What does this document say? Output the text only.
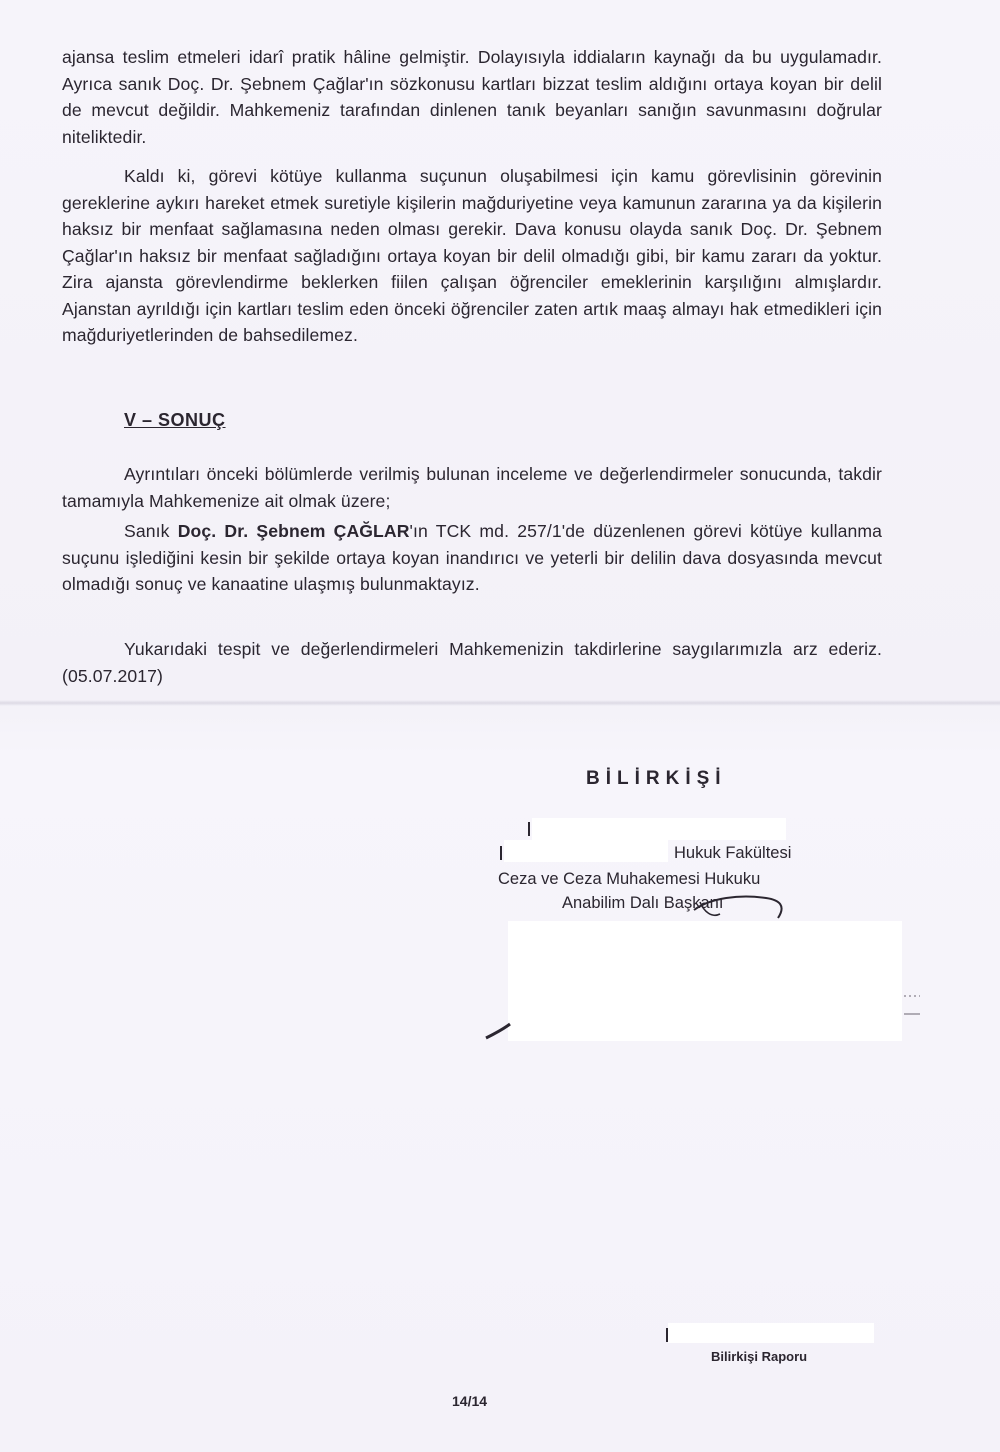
ajansa teslim etmeleri idarî pratik hâline gelmiştir. Dolayısıyla iddiaların kaynağı da bu uygulamadır. Ayrıca sanık Doç. Dr. Şebnem Çağlar'ın sözkonusu kartları bizzat teslim aldığını ortaya koyan bir delil de mevcut değildir. Mahkemeniz tarafından dinlenen tanık beyanları sanığın savunmasını doğrular niteliktedir.

Kaldı ki, görevi kötüye kullanma suçunun oluşabilmesi için kamu görevlisinin görevinin gereklerine aykırı hareket etmek suretiyle kişilerin mağduriyetine veya kamunun zararına ya da kişilerin haksız bir menfaat sağlamasına neden olması gerekir. Dava konusu olayda sanık Doç. Dr. Şebnem Çağlar'ın haksız bir menfaat sağladığını ortaya koyan bir delil olmadığı gibi, bir kamu zararı da yoktur. Zira ajansta görevlendirme beklerken fiilen çalışan öğrenciler emeklerinin karşılığını almışlardır. Ajanstan ayrıldığı için kartları teslim eden önceki öğrenciler zaten artık maaş almayı hak etmedikleri için mağduriyetlerinden de bahsedilemez.

V – SONUÇ

Ayrıntıları önceki bölümlerde verilmiş bulunan inceleme ve değerlendirmeler sonucunda, takdir tamamıyla Mahkemenize ait olmak üzere;

Sanık Doç. Dr. Şebnem ÇAĞLAR'ın TCK md. 257/1'de düzenlenen görevi kötüye kullanma suçunu işlediğini kesin bir şekilde ortaya koyan inandırıcı ve yeterli bir delilin dava dosyasında mevcut olmadığı sonuç ve kanaatine ulaşmış bulunmaktayız.

Yukarıdaki tespit ve değerlendirmeleri Mahkemenizin takdirlerine saygılarımızla arz ederiz. (05.07.2017)

BİLİRKİŞİ
Hukuk Fakültesi
Ceza ve Ceza Muhakemesi Hukuku
Anabilim Dalı Başkanı
Bilirkişi Raporu
14/14
